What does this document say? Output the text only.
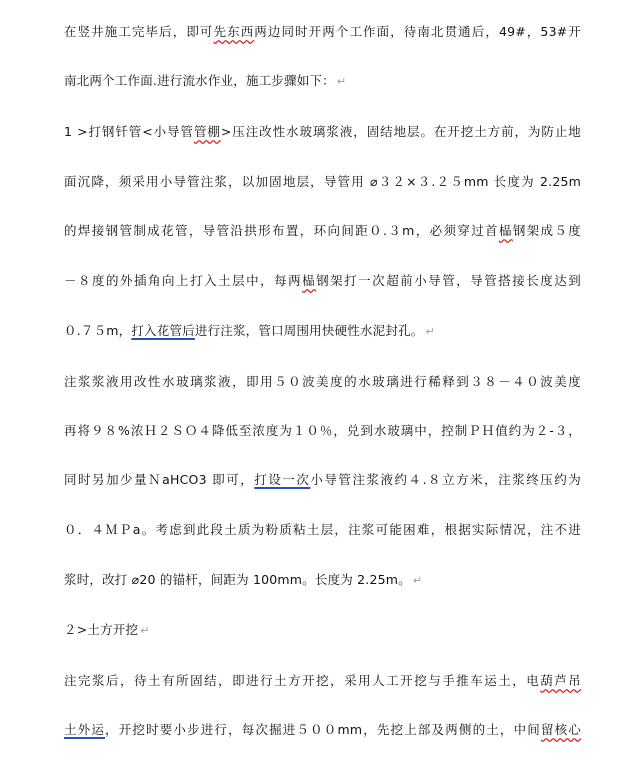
在竖井施工完毕后，即可先东西两边同时开两个工作面，待南北贯通后，49#，53#开
南北两个工作面.进行流水作业，施工步骤如下： ↵
1 >打钢钎管<小导管管棚>压注改性水玻璃浆液，固结地层。在开挖土方前，为防止地
面沉降，须采用小导管注浆，以加固地层，导管用 ⌀３２×３.２５mm 长度为 2.25m
的焊接钢管制成花管，导管沿拱形布置，环向间距０.３m，必须穿过首榀钢架成５度
－８度的外插角向上打入土层中，每两榀钢架打一次超前小导管，导管搭接长度达到
０.７５m，打入花管后进行注浆，管口周围用快硬性水泥封孔。 ↵
注浆浆液用改性水玻璃浆液，即用５０波美度的水玻璃进行稀释到３８－４０波美度
再将９８%浓Ｈ２ＳＯ４降低至浓度为１０％，兑到水玻璃中，控制ＰＨ值约为２-３，
同时另加少量ＮaHCO3 即可，打设一次小导管注浆液约４.８立方米，注浆终压约为
０．４ＭＰa。考虑到此段土质为粉质粘土层，注浆可能困难，根据实际情况，注不进
浆时，改打 ⌀20 的锚杆，间距为 100mm。长度为 2.25m。 ↵
２>土方开挖 ↵
注完浆后，待土有所固结，即进行土方开挖，采用人工开挖与手推车运土，电葫芦吊
土外运，开挖时要小步进行，每次掘进５００mm，先挖上部及两侧的土，中间留核心
